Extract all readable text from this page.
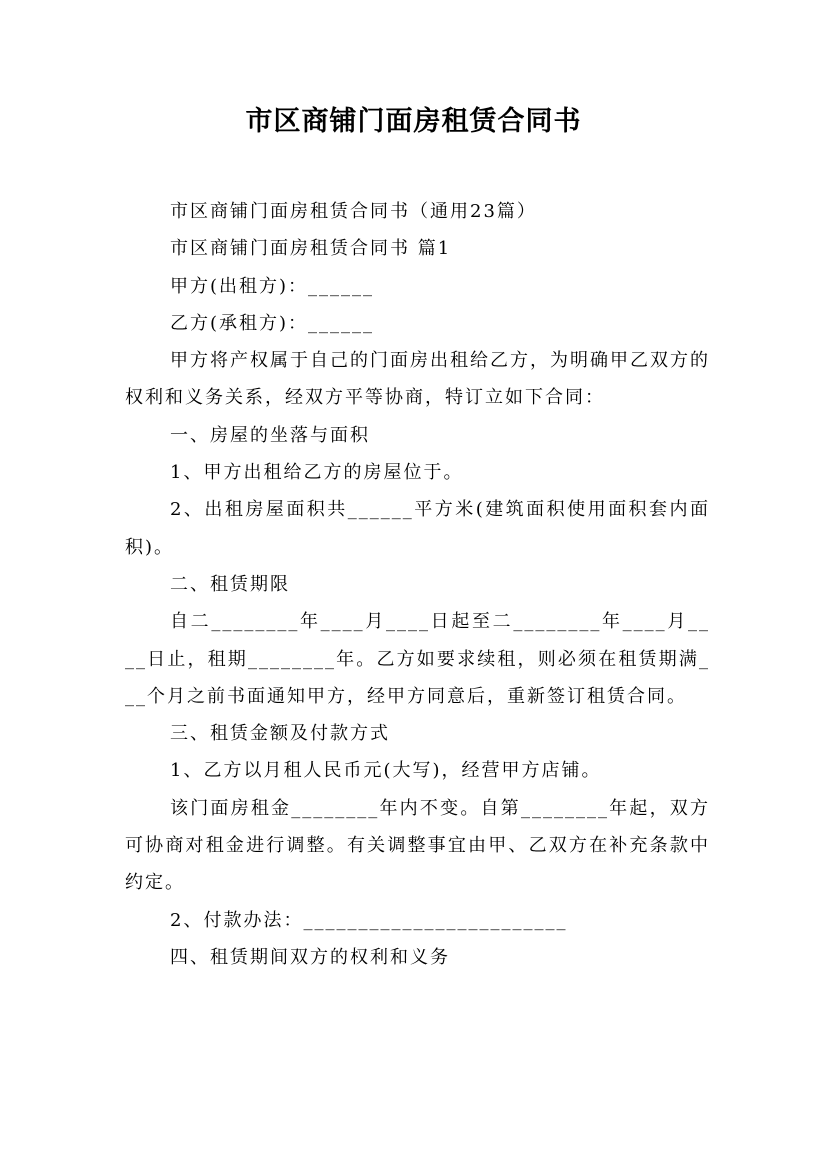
市区商铺门面房租赁合同书

市区商铺门面房租赁合同书（通用23篇）

市区商铺门面房租赁合同书 篇1

甲方(出租方)：______

乙方(承租方)：______

甲方将产权属于自己的门面房出租给乙方，为明确甲乙双方的权利和义务关系，经双方平等协商，特订立如下合同：

一、房屋的坐落与面积

1、甲方出租给乙方的房屋位于。

2、出租房屋面积共______平方米(建筑面积使用面积套内面积)。

二、租赁期限

自二________年____月____日起至二________年____月____日止，租期________年。乙方如要求续租，则必须在租赁期满___个月之前书面通知甲方，经甲方同意后，重新签订租赁合同。

三、租赁金额及付款方式

1、乙方以月租人民币元(大写)，经营甲方店铺。

该门面房租金________年内不变。自第________年起，双方可协商对租金进行调整。有关调整事宜由甲、乙双方在补充条款中约定。

2、付款办法：________________________

四、租赁期间双方的权利和义务
